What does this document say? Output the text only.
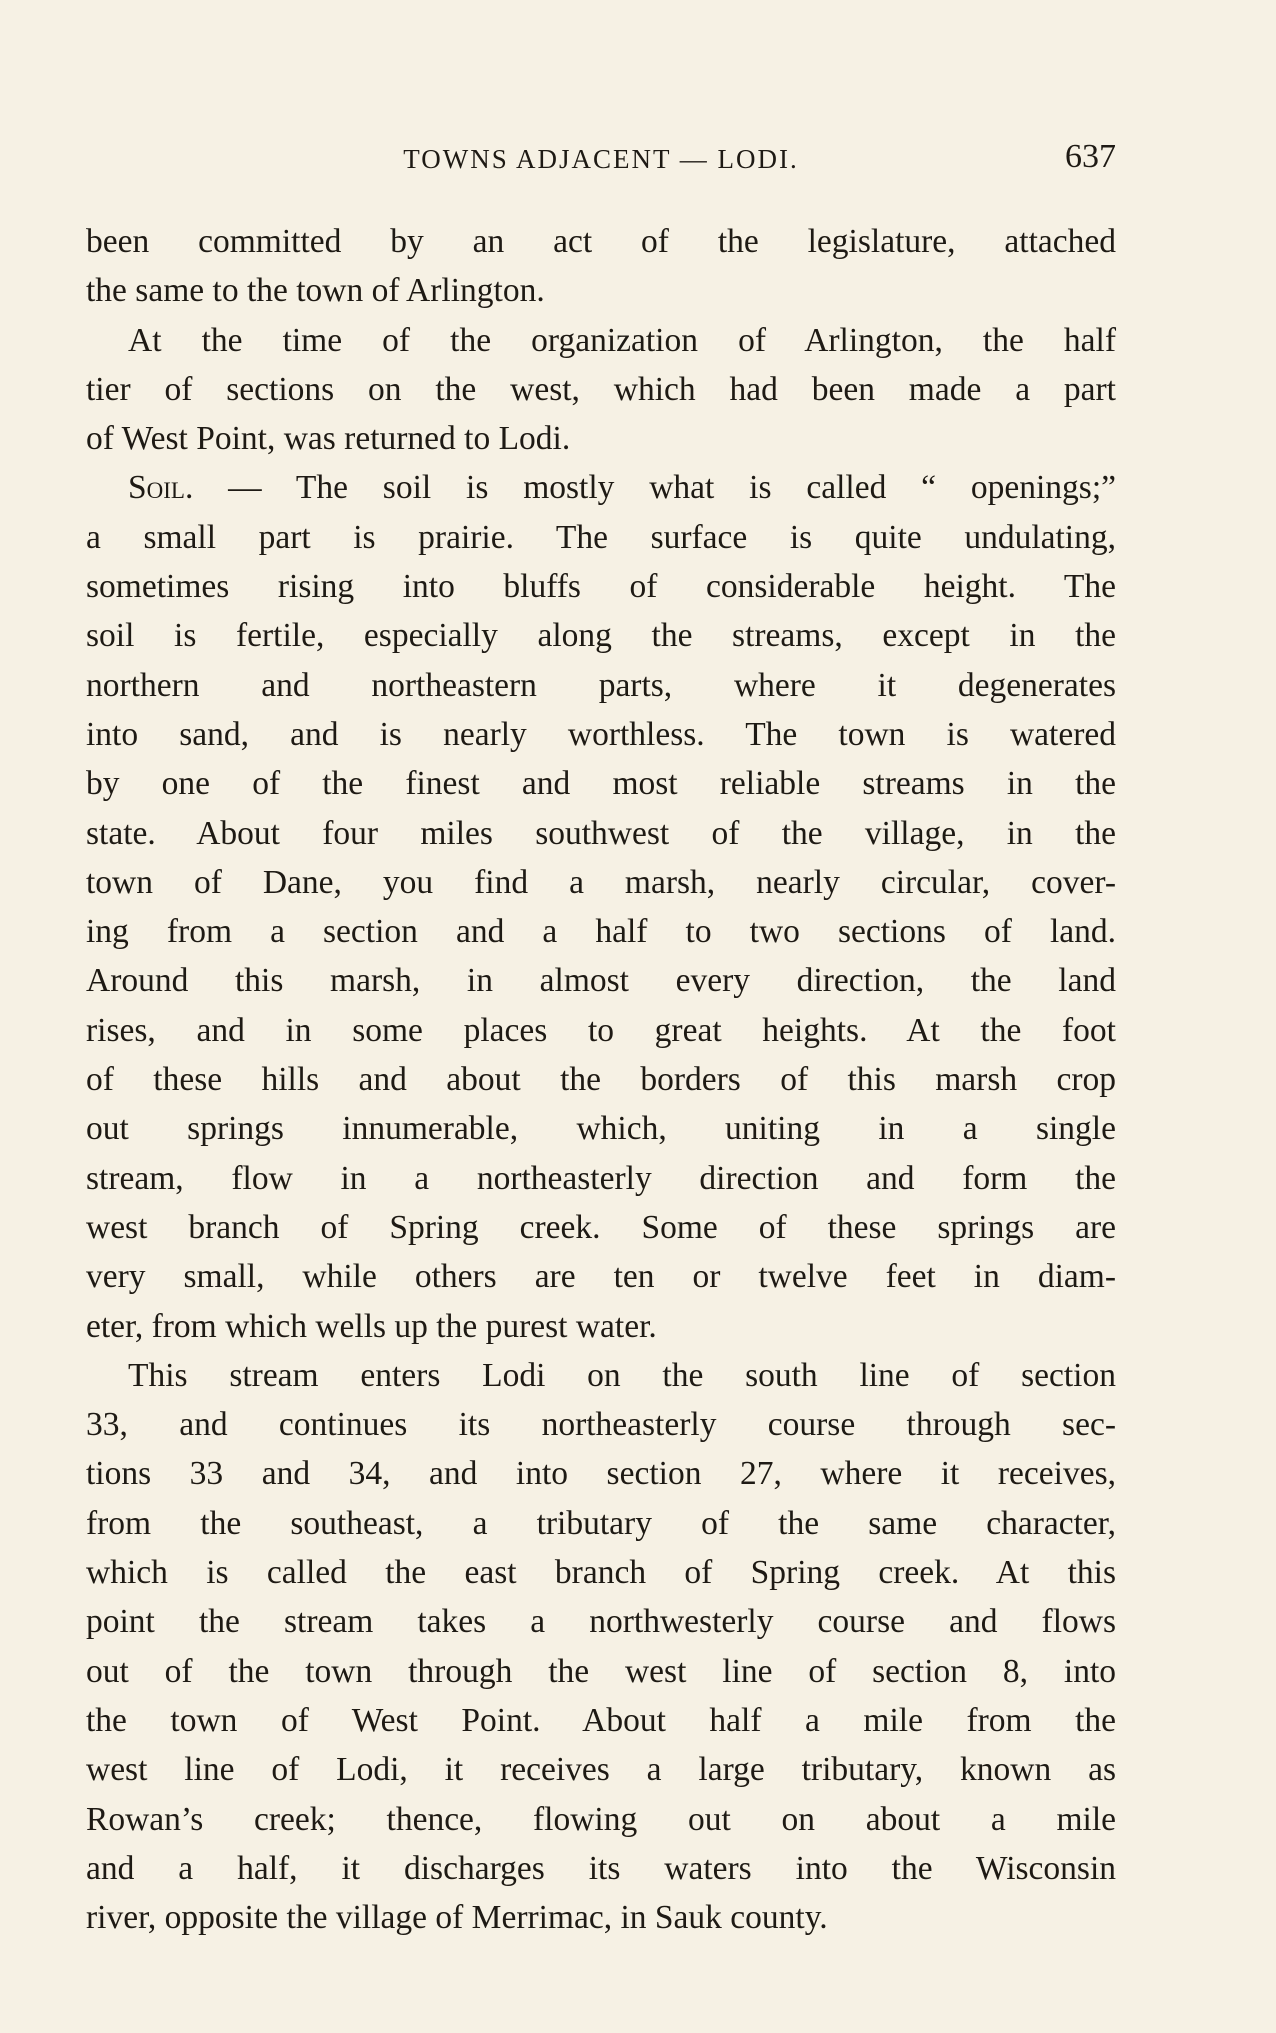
TOWNS ADJACENT — LODI.	637

been committed by an act of the legislature, attached
the same to the town of Arlington.

At the time of the organization of Arlington, the half
tier of sections on the west, which had been made a part
of West Point, was returned to Lodi.

Soil. — The soil is mostly what is called “ openings;”
a small part is prairie. The surface is quite undulating,
sometimes rising into bluffs of considerable height. The
soil is fertile, especially along the streams, except in the
northern and northeastern parts, where it degenerates
into sand, and is nearly worthless. The town is watered
by one of the finest and most reliable streams in the
state. About four miles southwest of the village, in the
town of Dane, you find a marsh, nearly circular, cover-
ing from a section and a half to two sections of land.
Around this marsh, in almost every direction, the land
rises, and in some places to great heights. At the foot
of these hills and about the borders of this marsh crop
out springs innumerable, which, uniting in a single
stream, flow in a northeasterly direction and form the
west branch of Spring creek. Some of these springs are
very small, while others are ten or twelve feet in diam-
eter, from which wells up the purest water.

This stream enters Lodi on the south line of section
33, and continues its northeasterly course through sec-
tions 33 and 34, and into section 27, where it receives,
from the southeast, a tributary of the same character,
which is called the east branch of Spring creek. At this
point the stream takes a northwesterly course and flows
out of the town through the west line of section 8, into
the town of West Point. About half a mile from the
west line of Lodi, it receives a large tributary, known as
Rowan’s creek; thence, flowing out on about a mile
and a half, it discharges its waters into the Wisconsin
river, opposite the village of Merrimac, in Sauk county.
